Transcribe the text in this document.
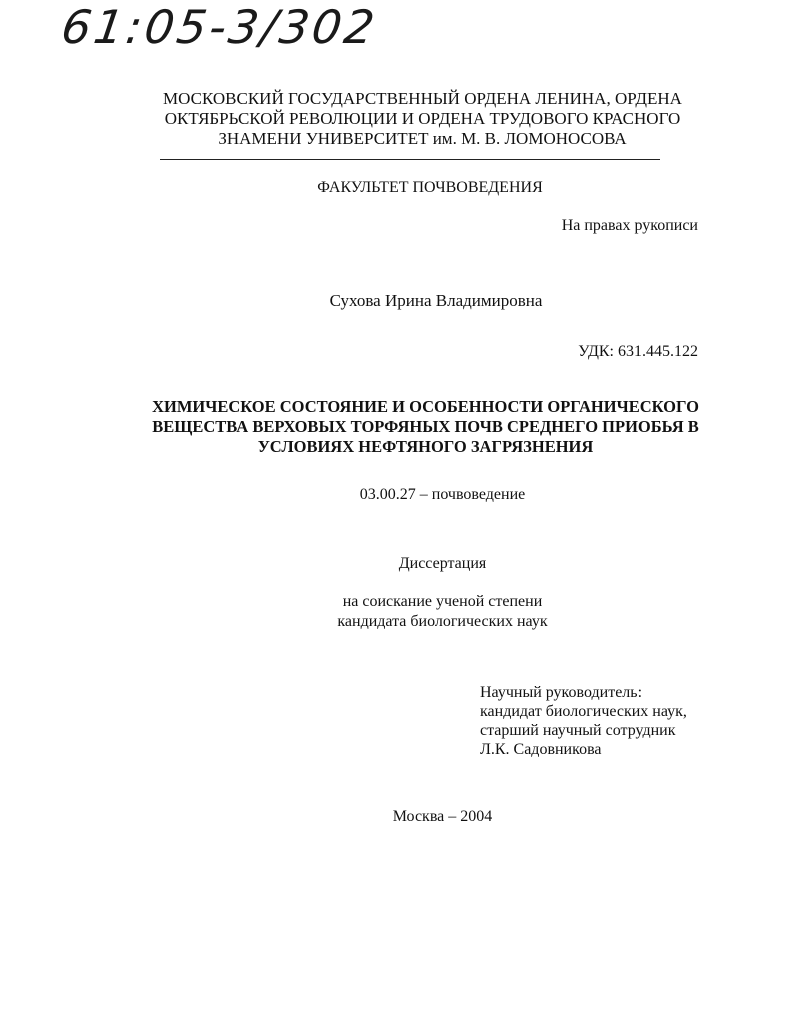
61:05-3/302
МОСКОВСКИЙ ГОСУДАРСТВЕННЫЙ ОРДЕНА ЛЕНИНА, ОРДЕНА
ОКТЯБРЬСКОЙ РЕВОЛЮЦИИ И ОРДЕНА ТРУДОВОГО КРАСНОГО
ЗНАМЕНИ УНИВЕРСИТЕТ им. М. В. ЛОМОНОСОВА
ФАКУЛЬТЕТ ПОЧВОВЕДЕНИЯ
На правах рукописи
Сухова Ирина Владимировна
УДК: 631.445.122
ХИМИЧЕСКОЕ СОСТОЯНИЕ И ОСОБЕННОСТИ ОРГАНИЧЕСКОГО
ВЕЩЕСТВА ВЕРХОВЫХ ТОРФЯНЫХ ПОЧВ СРЕДНЕГО ПРИОБЬЯ В
УСЛОВИЯХ НЕФТЯНОГО ЗАГРЯЗНЕНИЯ
03.00.27 – почвоведение
Диссертация
на соискание ученой степени
кандидата биологических наук
Научный руководитель:
кандидат биологических наук,
старший научный сотрудник
Л.К. Садовникова
Москва – 2004
